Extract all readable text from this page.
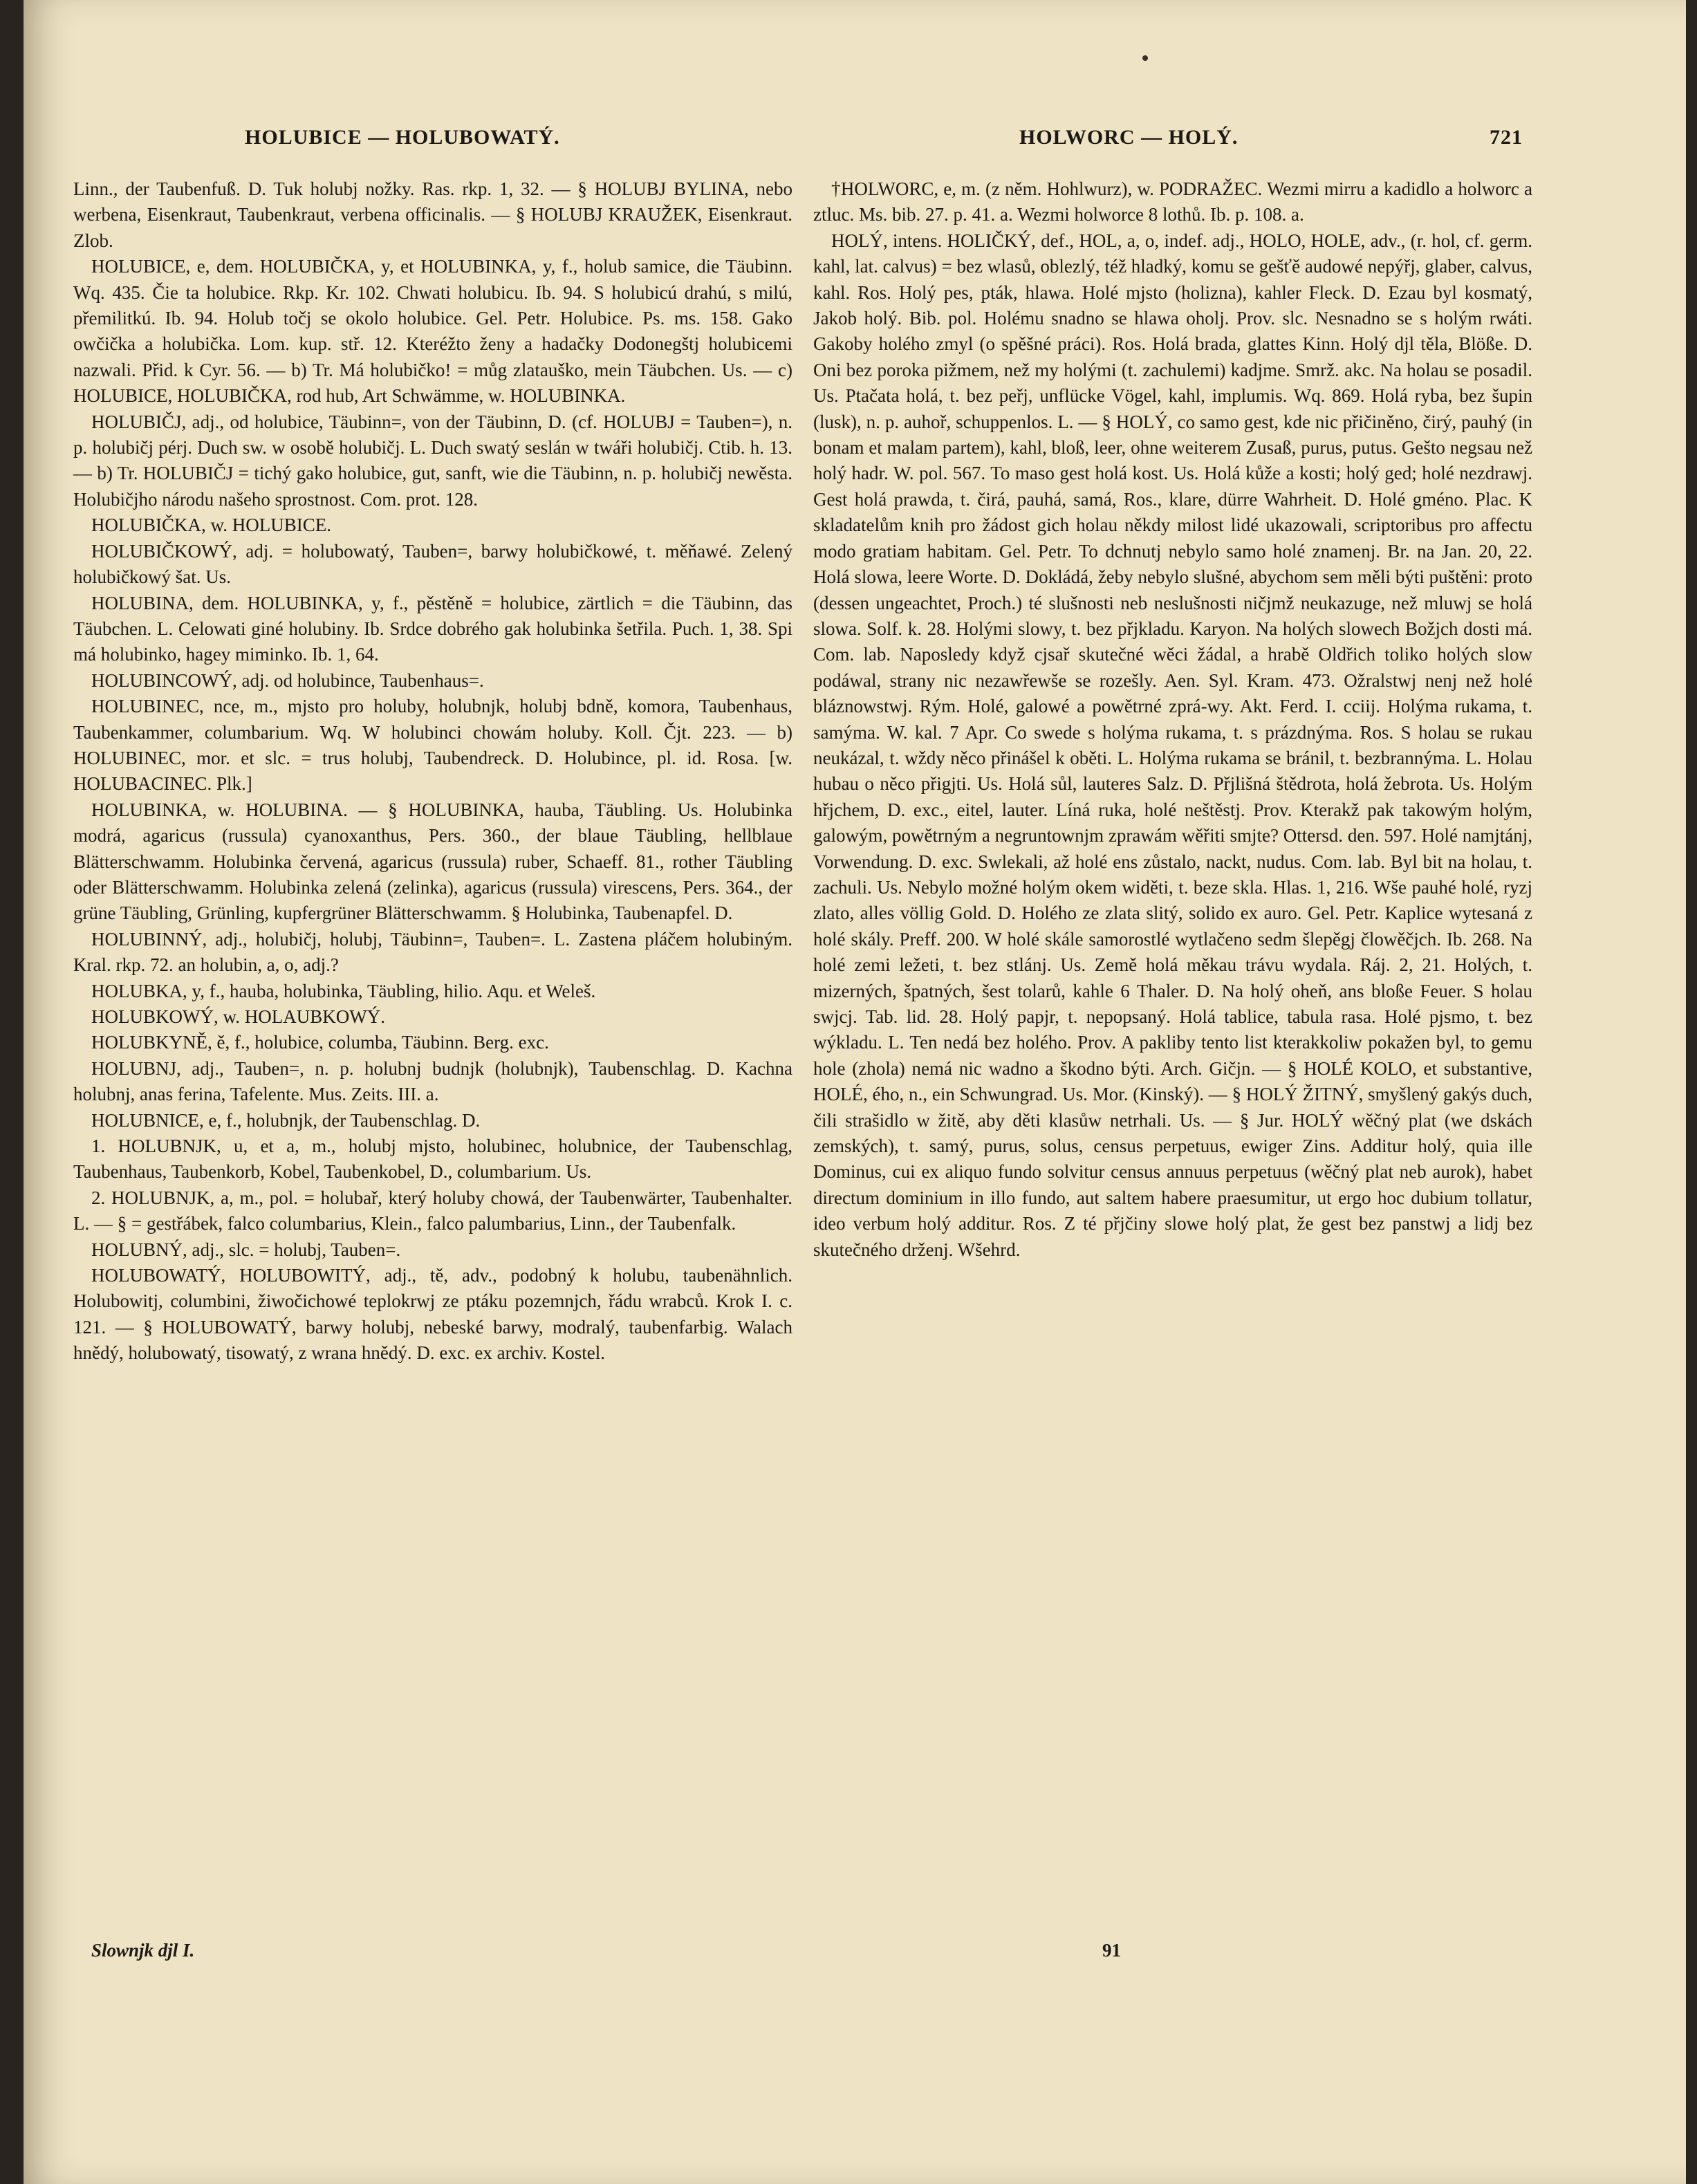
HOLUBICE — HOLUBOWATÝ.	HOLWORC — HOLÝ.	721

Linn., der Taubenfuß. D. Tuk holubj nožky. Ras. rkp. 1, 32. — § HOLUBJ BYLINA, nebo werbena, Eisenkraut, Taubenkraut, verbena officinalis. — § HOLUBJ KRAUŽEK, Eisenkraut. Zlob.

HOLUBICE, e, dem. HOLUBIČKA, y, et HOLUBINKA, y, f., holub samice, die Täubinn. Wq. 435. Čie ta holubice. Rkp. Kr. 102. Chwati holubicu. Ib. 94. S holubicú drahú, s milú, přemilitkú. Ib. 94. Holub točj se okolo holubice. Gel. Petr. Holubice. Ps. ms. 158. Gako owčička a holubička. Lom. kup. stř. 12. Kteréžto ženy a hadačky Dodonegštj holubicemi nazwali. Přid. k Cyr. 56. — b) Tr. Má holubičko! = můg zlatauško, mein Täubchen. Us. — c) HOLUBICE, HOLUBIČKA, rod hub, Art Schwämme, w. HOLUBINKA.

HOLUBIČJ, adj., od holubice, Täubinn=, von der Täubinn, D. (cf. HOLUBJ = Tauben=), n. p. holubičj pérj. Duch sw. w osobě holubičj. L. Duch swatý seslán w twáři holubičj. Ctib. h. 13. — b) Tr. HOLUBIČJ = tichý gako holubice, gut, sanft, wie die Täubinn, n. p. holubičj newěsta. Holubičjho národu našeho sprostnost. Com. prot. 128.

HOLUBIČKA, w. HOLUBICE.

HOLUBIČKOWÝ, adj. = holubowatý, Tauben=, barwy holubičkowé, t. měňawé. Zelený holubičkowý šat. Us.

HOLUBINA, dem. HOLUBINKA, y, f., pěstěně = holubice, zärtlich = die Täubinn, das Täubchen. L. Celowati giné holubiny. Ib. Srdce dobrého gak holubinka šetřila. Puch. 1, 38. Spi má holubinko, hagey miminko. Ib. 1, 64.

HOLUBINCOWÝ, adj. od holubince, Taubenhaus=.

HOLUBINEC, nce, m., mjsto pro holuby, holubnjk, holubj bdně, komora, Taubenhaus, Taubenkammer, columbarium. Wq. W holubinci chowám holuby. Koll. Čjt. 223. — b) HOLUBINEC, mor. et slc. = trus holubj, Taubendreck. D. Holubince, pl. id. Rosa. [w. HOLUBACINEC. Plk.]

HOLUBINKA, w. HOLUBINA. — § HOLUBINKA, hauba, Täubling. Us. Holubinka modrá, agaricus (russula) cyanoxanthus, Pers. 360., der blaue Täubling, hellblaue Blätterschwamm. Holubinka červená, agaricus (russula) ruber, Schaeff. 81., rother Täubling oder Blätterschwamm. Holubinka zelená (zelinka), agaricus (russula) virescens, Pers. 364., der grüne Täubling, Grünling, kupfergrüner Blätterschwamm. § Holubinka, Taubenapfel. D.

HOLUBINNÝ, adj., holubičj, holubj, Täubinn=, Tauben=. L. Zastena pláčem holubiným. Kral. rkp. 72. an holubin, a, o, adj.?

HOLUBKA, y, f., hauba, holubinka, Täubling, hilio. Aqu. et Weleš.

HOLUBKOWÝ, w. HOLAUBKOWÝ.

HOLUBKYNĚ, ě, f., holubice, columba, Täubinn. Berg. exc.

HOLUBNJ, adj., Tauben=, n. p. holubnj budnjk (holubnjk), Taubenschlag. D. Kachna holubnj, anas ferina, Tafelente. Mus. Zeits. III. a.

HOLUBNICE, e, f., holubnjk, der Taubenschlag. D.

1. HOLUBNJK, u, et a, m., holubj mjsto, holubinec, holubnice, der Taubenschlag, Taubenhaus, Taubenkorb, Kobel, Taubenkobel, D., columbarium. Us.

2. HOLUBNJK, a, m., pol. = holubař, který holuby chowá, der Taubenwärter, Taubenhalter. L. — § = gestřábek, falco columbarius, Klein., falco palumbarius, Linn., der Taubenfalk.

HOLUBNÝ, adj., slc. = holubj, Tauben=.

HOLUBOWATÝ, HOLUBOWITÝ, adj., tě, adv., podobný k holubu, taubenähnlich. Holubowitj, columbini, žiwočichowé teplokrwj ze ptáku pozemnjch, řádu wrabců. Krok I. c. 121. — § HOLUBOWATÝ, barwy holubj, nebeské barwy, modralý, taubenfarbig. Walach hnědý, holubowatý, tisowatý, z wrana hnědý. D. exc. ex archiv. Kostel.

†HOLWORC, e, m. (z něm. Hohlwurz), w. PODRAŽEC. Wezmi mirru a kadidlo a holworc a ztluc. Ms. bib. 27. p. 41. a. Wezmi holworce 8 lothů. Ib. p. 108. a.

HOLÝ, intens. HOLIČKÝ, def., HOL, a, o, indef. adj., HOLO, HOLE, adv., (r. hol, cf. germ. kahl, lat. calvus) = bez wlasů, oblezlý, též hladký, komu se gešťě audowé nepýřj, glaber, calvus, kahl. Ros. Holý pes, pták, hlawa. Holé mjsto (holizna), kahler Fleck. D. Ezau byl kosmatý, Jakob holý. Bib. pol. Holému snadno se hlawa oholj. Prov. slc. Nesnadno se s holým rwáti. Gakoby holého zmyl (o spěšné práci). Ros. Holá brada, glattes Kinn. Holý djl těla, Blöße. D. Oni bez poroka pižmem, než my holými (t. zachulemi) kadjme. Smrž. akc. Na holau se posadil. Us. Ptačata holá, t. bez peřj, unflücke Vögel, kahl, implumis. Wq. 869. Holá ryba, bez šupin (lusk), n. p. auhoř, schuppenlos. L. — § HOLÝ, co samo gest, kde nic přičiněno, čirý, pauhý (in bonam et malam partem), kahl, bloß, leer, ohne weiterem Zusaß, purus, putus. Gešto negsau než holý hadr. W. pol. 567. To maso gest holá kost. Us. Holá kůže a kosti; holý ged; holé nezdrawj. Gest holá prawda, t. čirá, pauhá, samá, Ros., klare, dürre Wahrheit. D. Holé gméno. Plac. K skladatelům knih pro žádost gich holau někdy milost lidé ukazowali, scriptoribus pro affectu modo gratiam habitam. Gel. Petr. To dchnutj nebylo samo holé znamenj. Br. na Jan. 20, 22. Holá slowa, leere Worte. D. Dokládá, žeby nebylo slušné, abychom sem měli býti puštěni: proto (dessen ungeachtet, Proch.) té slušnosti neb neslušnosti ničjmž neukazuge, než mluwj se holá slowa. Solf. k. 28. Holými slowy, t. bez přjkladu. Karyon. Na holých slowech Božjch dosti má. Com. lab. Naposledy když cjsař skutečné wěci žádal, a hrabě Oldřich toliko holých slow podáwal, strany nic nezawřewše se rozešly. Aen. Syl. Kram. 473. Ožralstwj nenj než holé bláznowstwj. Rým. Holé, galowé a powětrné zprá-wy. Akt. Ferd. I. cciij. Holýma rukama, t. samýma. W. kal. 7 Apr. Co swede s holýma rukama, t. s prázdnýma. Ros. S holau se rukau neukázal, t. wždy něco přinášel k oběti. L. Holýma rukama se bránil, t. bezbrannýma. L. Holau hubau o něco přigjti. Us. Holá sůl, lauteres Salz. D. Přjlišná štědrota, holá žebrota. Us. Holým hřjchem, D. exc., eitel, lauter. Líná ruka, holé neštěstj. Prov. Kterakž pak takowým holým, galowým, powětrným a negruntownjm zprawám wěřiti smjte? Ottersd. den. 597. Holé namjtánj, Vorwendung. D. exc. Swlekali, až holé ens zůstalo, nackt, nudus. Com. lab. Byl bit na holau, t. zachuli. Us. Nebylo možné holým okem widěti, t. beze skla. Hlas. 1, 216. Wše pauhé holé, ryzj zlato, alles völlig Gold. D. Holého ze zlata slitý, solido ex auro. Gel. Petr. Kaplice wytesaná z holé skály. Preff. 200. W holé skále samorostlé wytlačeno sedm šlepěgj člowěčjch. Ib. 268. Na holé zemi ležeti, t. bez stlánj. Us. Země holá měkau trávu wydala. Ráj. 2, 21. Holých, t. mizerných, špatných, šest tolarů, kahle 6 Thaler. D. Na holý oheň, ans bloße Feuer. S holau swjcj. Tab. lid. 28. Holý papjr, t. nepopsaný. Holá tablice, tabula rasa. Holé pjsmo, t. bez wýkladu. L. Ten nedá bez holého. Prov. A pakliby tento list kterakkoliw pokažen byl, to gemu hole (zhola) nemá nic wadno a škodno býti. Arch. Gičjn. — § HOLÉ KOLO, et substantive, HOLÉ, ého, n., ein Schwungrad. Us. Mor. (Kinský). — § HOLÝ ŽITNÝ, smyšlený gakýs duch, čili strašidlo w žitě, aby děti klasůw netrhali. Us. — § Jur. HOLÝ wěčný plat (we dskách zemských), t. samý, purus, solus, census perpetuus, ewiger Zins. Additur holý, quia ille Dominus, cui ex aliquo fundo solvitur census annuus perpetuus (wěčný plat neb aurok), habet directum dominium in illo fundo, aut saltem habere praesumitur, ut ergo hoc dubium tollatur, ideo verbum holý additur. Ros. Z té přjčiny slowe holý plat, že gest bez panstwj a lidj bez skutečného drženj. Wšehrd.

Slownjk djl I.	91
